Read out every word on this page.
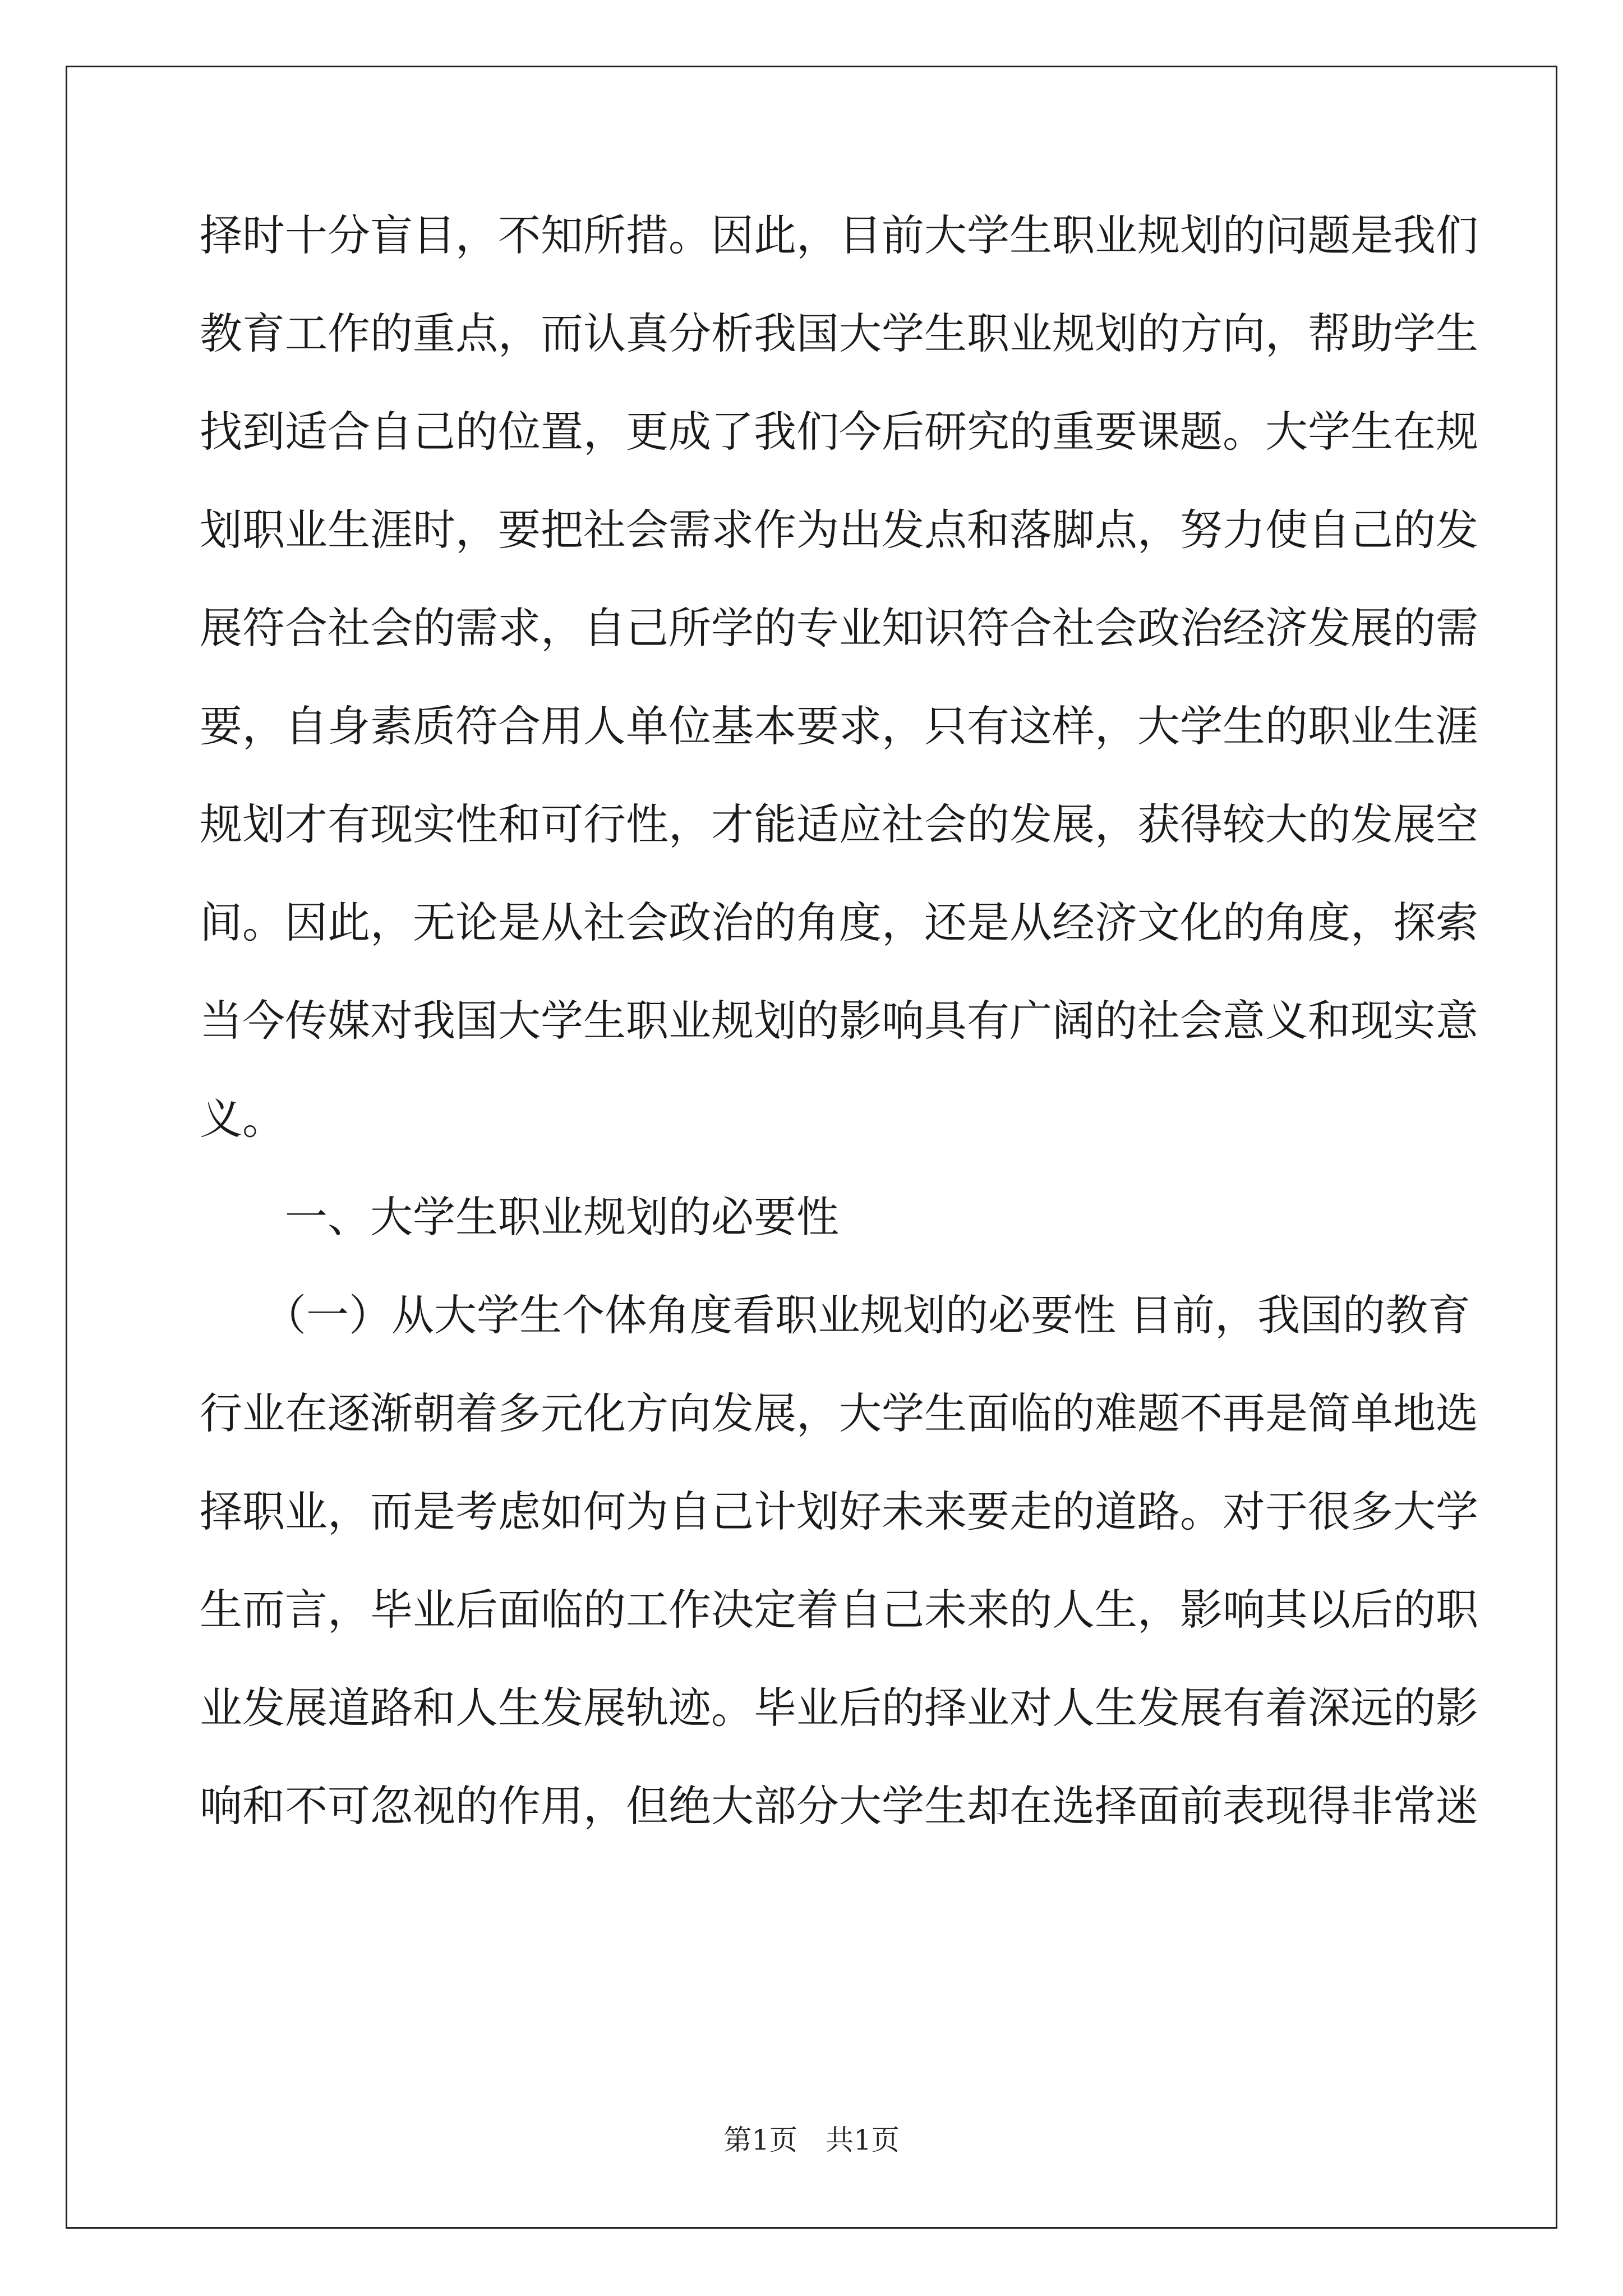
择时十分盲目，不知所措。因此，目前大学生职业规划的问题是我们
教育工作的重点，而认真分析我国大学生职业规划的方向，帮助学生
找到适合自己的位置，更成了我们今后研究的重要课题。大学生在规
划职业生涯时，要把社会需求作为出发点和落脚点，努力使自己的发
展符合社会的需求，自己所学的专业知识符合社会政治经济发展的需
要，自身素质符合用人单位基本要求，只有这样，大学生的职业生涯
规划才有现实性和可行性，才能适应社会的发展，获得较大的发展空
间。因此，无论是从社会政治的角度，还是从经济文化的角度，探索
当今传媒对我国大学生职业规划的影响具有广阔的社会意义和现实意
义。
一、大学生职业规划的必要性
（一）从大学生个体角度看职业规划的必要性 目前，我国的教育
行业在逐渐朝着多元化方向发展，大学生面临的难题不再是简单地选
择职业，而是考虑如何为自己计划好未来要走的道路。对于很多大学
生而言，毕业后面临的工作决定着自己未来的人生，影响其以后的职
业发展道路和人生发展轨迹。毕业后的择业对人生发展有着深远的影
响和不可忽视的作用，但绝大部分大学生却在选择面前表现得非常迷
第1页　共1页
